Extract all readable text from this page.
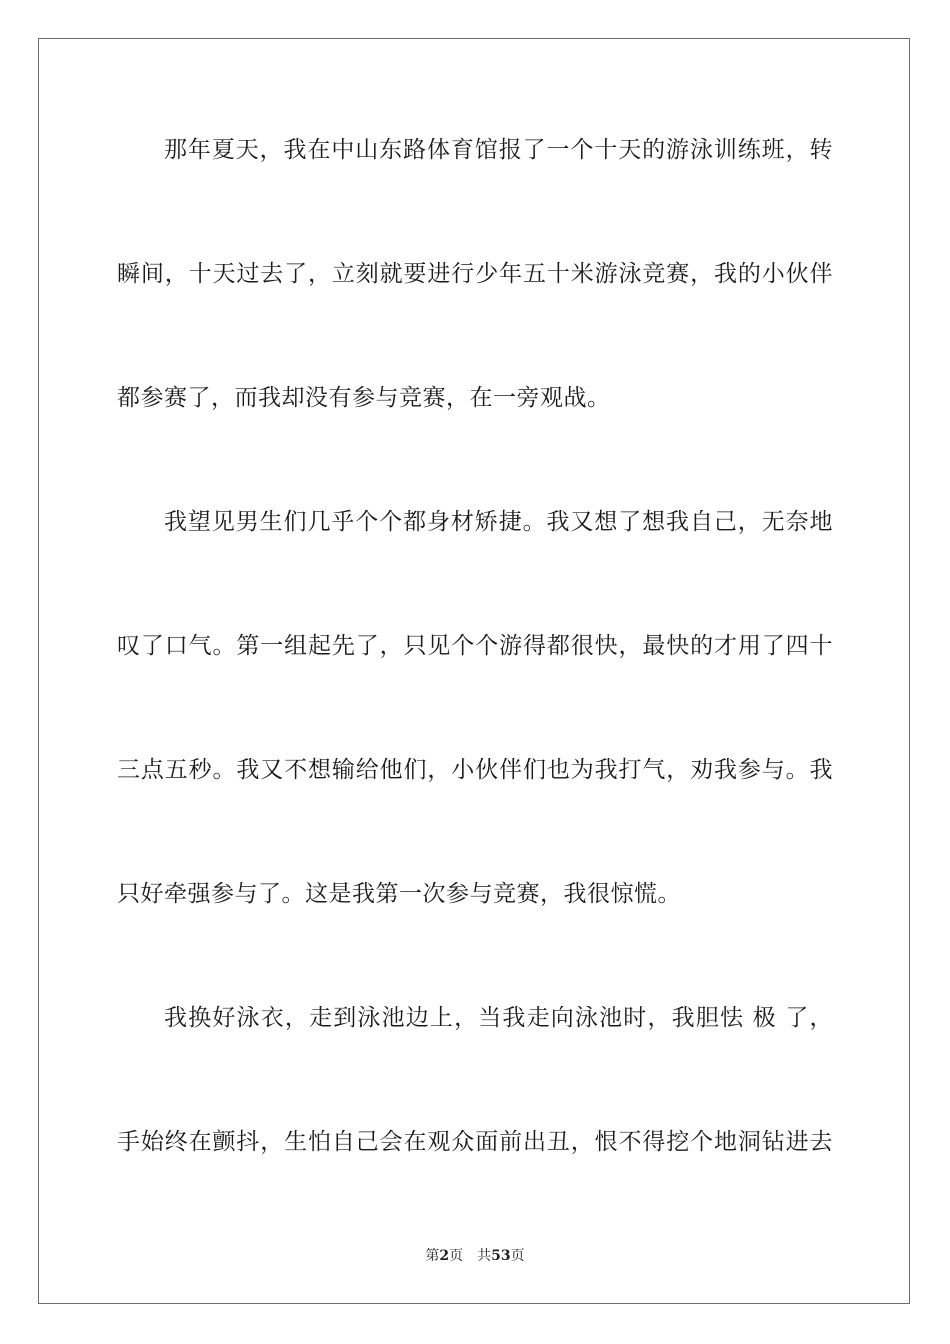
那年夏天，我在中山东路体育馆报了一个十天的游泳训练班，转
瞬间，十天过去了，立刻就要进行少年五十米游泳竞赛，我的小伙伴
都参赛了，而我却没有参与竞赛，在一旁观战。
我望见男生们几乎个个都身材矫捷。我又想了想我自己，无奈地
叹了口气。第一组起先了，只见个个游得都很快，最快的才用了四十
三点五秒。我又不想输给他们，小伙伴们也为我打气，劝我参与。我
只好牵强参与了。这是我第一次参与竞赛，我很惊慌。
我换好泳衣，走到泳池边上，当我走向泳池时，我胆怯 极 了，
手始终在颤抖，生怕自己会在观众面前出丑，恨不得挖个地洞钻进去
第2页 共53页
